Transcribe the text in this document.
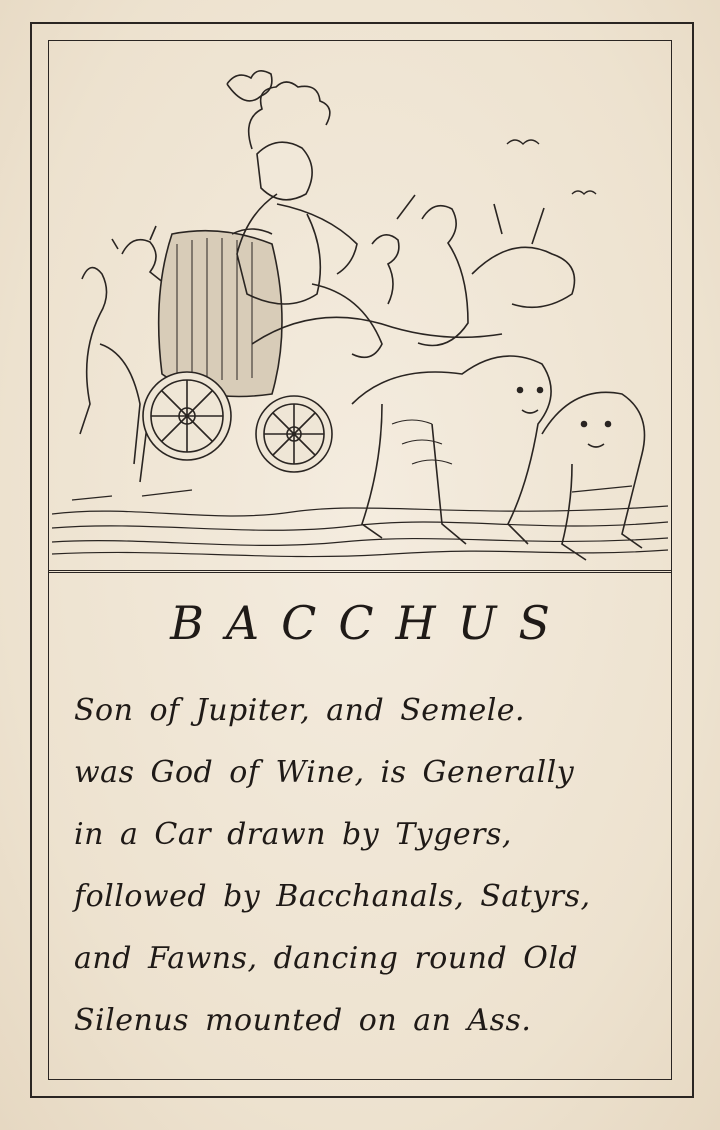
BACCHUS
Son of Jupiter, and Semele.
was God of Wine, is Generally
in a Car drawn by Tygers,
followed by Bacchanals, Satyrs,
and Fawns, dancing round Old
Silenus mounted on an Ass.
